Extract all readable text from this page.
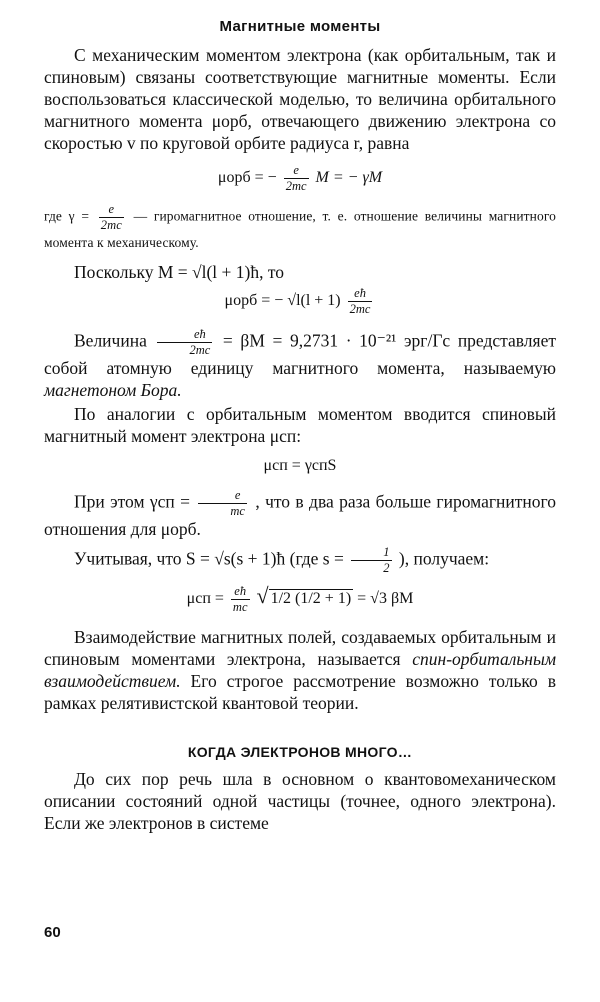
Магнитные моменты

С механическим моментом электрона (как орбитальным, так и спиновым) связаны соответствующие магнитные моменты. Если воспользоваться классической моделью, то величина орбитального магнитного момента μорб, отвечающего движению электрона со скоростью v по круговой орбите радиуса r, равна

μорб = − $\frac{e}{2mc}$ M = − γM

где $\gamma = \frac{e}{2mc}$ — гиромагнитное отношение, т. е. отношение величины магнитного момента к механическому.

Поскольку M = √l(l + 1)ħ, то

μорб = − $√l(l + 1) \frac{eħ}{2mc}$

Величина $\frac{eħ}{2mc} = \beta M = 9,2731 \cdot 10^{-21}$ эрг/Гс представляет собой атомную единицу магнитного момента, называемую магнетоном Бора.

По аналогии с орбитальным моментом вводится спиновый магнитный момент электрона μсп:

μсп = γспS

При этом $\gamma сп = \frac{e}{mc}$ , что в два раза больше гиромагнитного отношения для μорб.

Учитывая, что S = √s(s + 1)ħ (где $s = \frac{1}{2}$ ), получаем:

$\mu сп = \frac{eħ}{mc}$ √ 1/2 (1/2 + 1) = √3 βM

Взаимодействие магнитных полей, создаваемых орбитальным и спиновым моментами электрона, называется спин-орбитальным взаимодействием. Его строгое рассмотрение возможно только в рамках релятивистской квантовой теории.

КОГДА ЭЛЕКТРОНОВ МНОГО…

До сих пор речь шла в основном о квантовомеханическом описании состояний одной частицы (точнее, одного электрона). Если же электронов в системе

60
